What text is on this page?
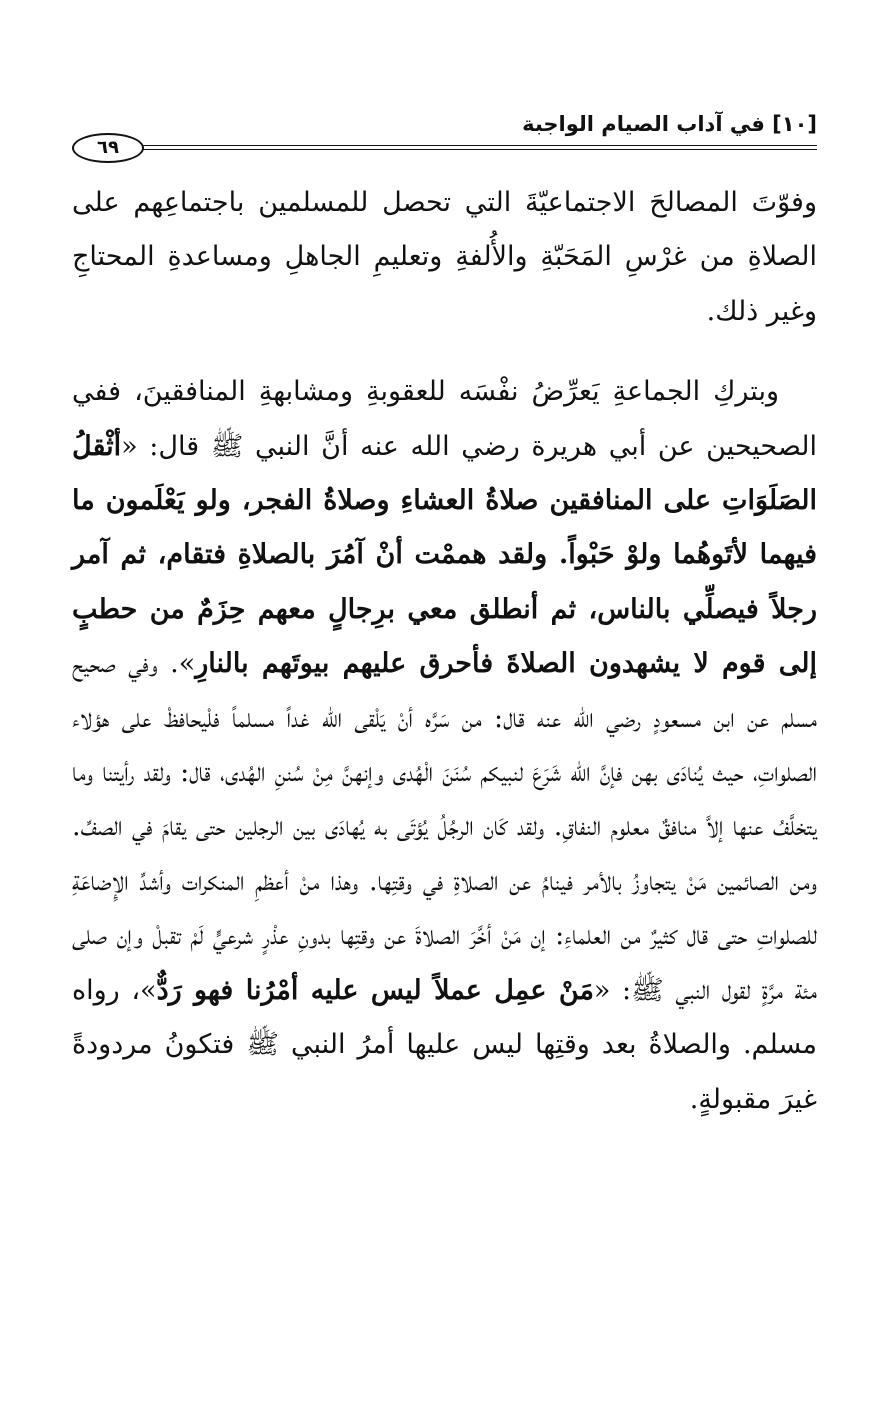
[١٠] في آداب الصيام الواجبة
٦٩

وفوّتَ المصالحَ الاجتماعيّةَ التي تحصل للمسلمين باجتماعِهم على الصلاةِ من غرْسِ المَحَبّةِ والأُلفةِ وتعليمِ الجاهلِ ومساعدةِ المحتاجِ وغير ذلك.

وبتركِ الجماعةِ يَعرِّضُ نفْسَه للعقوبةِ ومشابهةِ المنافقينَ، ففي الصحيحين عن أبي هريرة رضي الله عنه أنَّ النبي ﷺ قال: «أثْقلُ الصَلَوَاتِ على المنافقين صلاةُ العشاءِ وصلاةُ الفجر، ولو يَعْلَمون ما فيهما لأتَوهُما ولوْ حَبْواً. ولقد هممْت أنْ آمُرَ بالصلاةِ فتقام، ثم آمر رجلاً فيصلِّي بالناس، ثم أنطلق معي برِجالٍ معهم حِزَمٌ من حطبٍ إلى قوم لا يشهدون الصلاةَ فأحرق عليهم بيوتَهم بالنارِ». وفي صحيح مسلم عن ابن مسعودٍ رضي الله عنه قال: من سَرَّه أنْ يَلْقى الله غداً مسلماً فلْيحافظْ على هؤلاء الصلواتِ، حيث يُنادَى بهن فإنَّ الله شَرَعَ لنبيكم سُنَنَ الْهُدى وإنهنَّ مِنْ سُننِ الهُدى، قال: ولقد رأيتنا وما يتخلَّفُ عنها إلاَّ منافقٌ معلوم النفاقِ. ولقد كَان الرجُلُ يُؤتَى به يُهادَى بين الرجلين حتى يقامَ في الصفِّ. ومن الصائمين مَنْ يتجاوزُ بالأمر فينامُ عن الصلاةِ في وقتِها. وهذا منْ أعظمِ المنكرات وأشدِّ الإِضاعَةِ للصلواتِ حتى قال كثيرٌ من العلماءِ: إن مَنْ أخَّرَ الصلاةَ عن وقتِها بدونِ عذْرٍ شرعيٍّ لَمْ تقبلْ وإن صلى مئة مرَّةٍ لقول النبي ﷺ: «مَنْ عمِل عملاً ليس عليه أمْرُنا فهو رَدٌّ»، رواه مسلم. والصلاةُ بعد وقتِها ليس عليها أمرُ النبي ﷺ فتكونُ مردودةً غيرَ مقبولةٍ.
